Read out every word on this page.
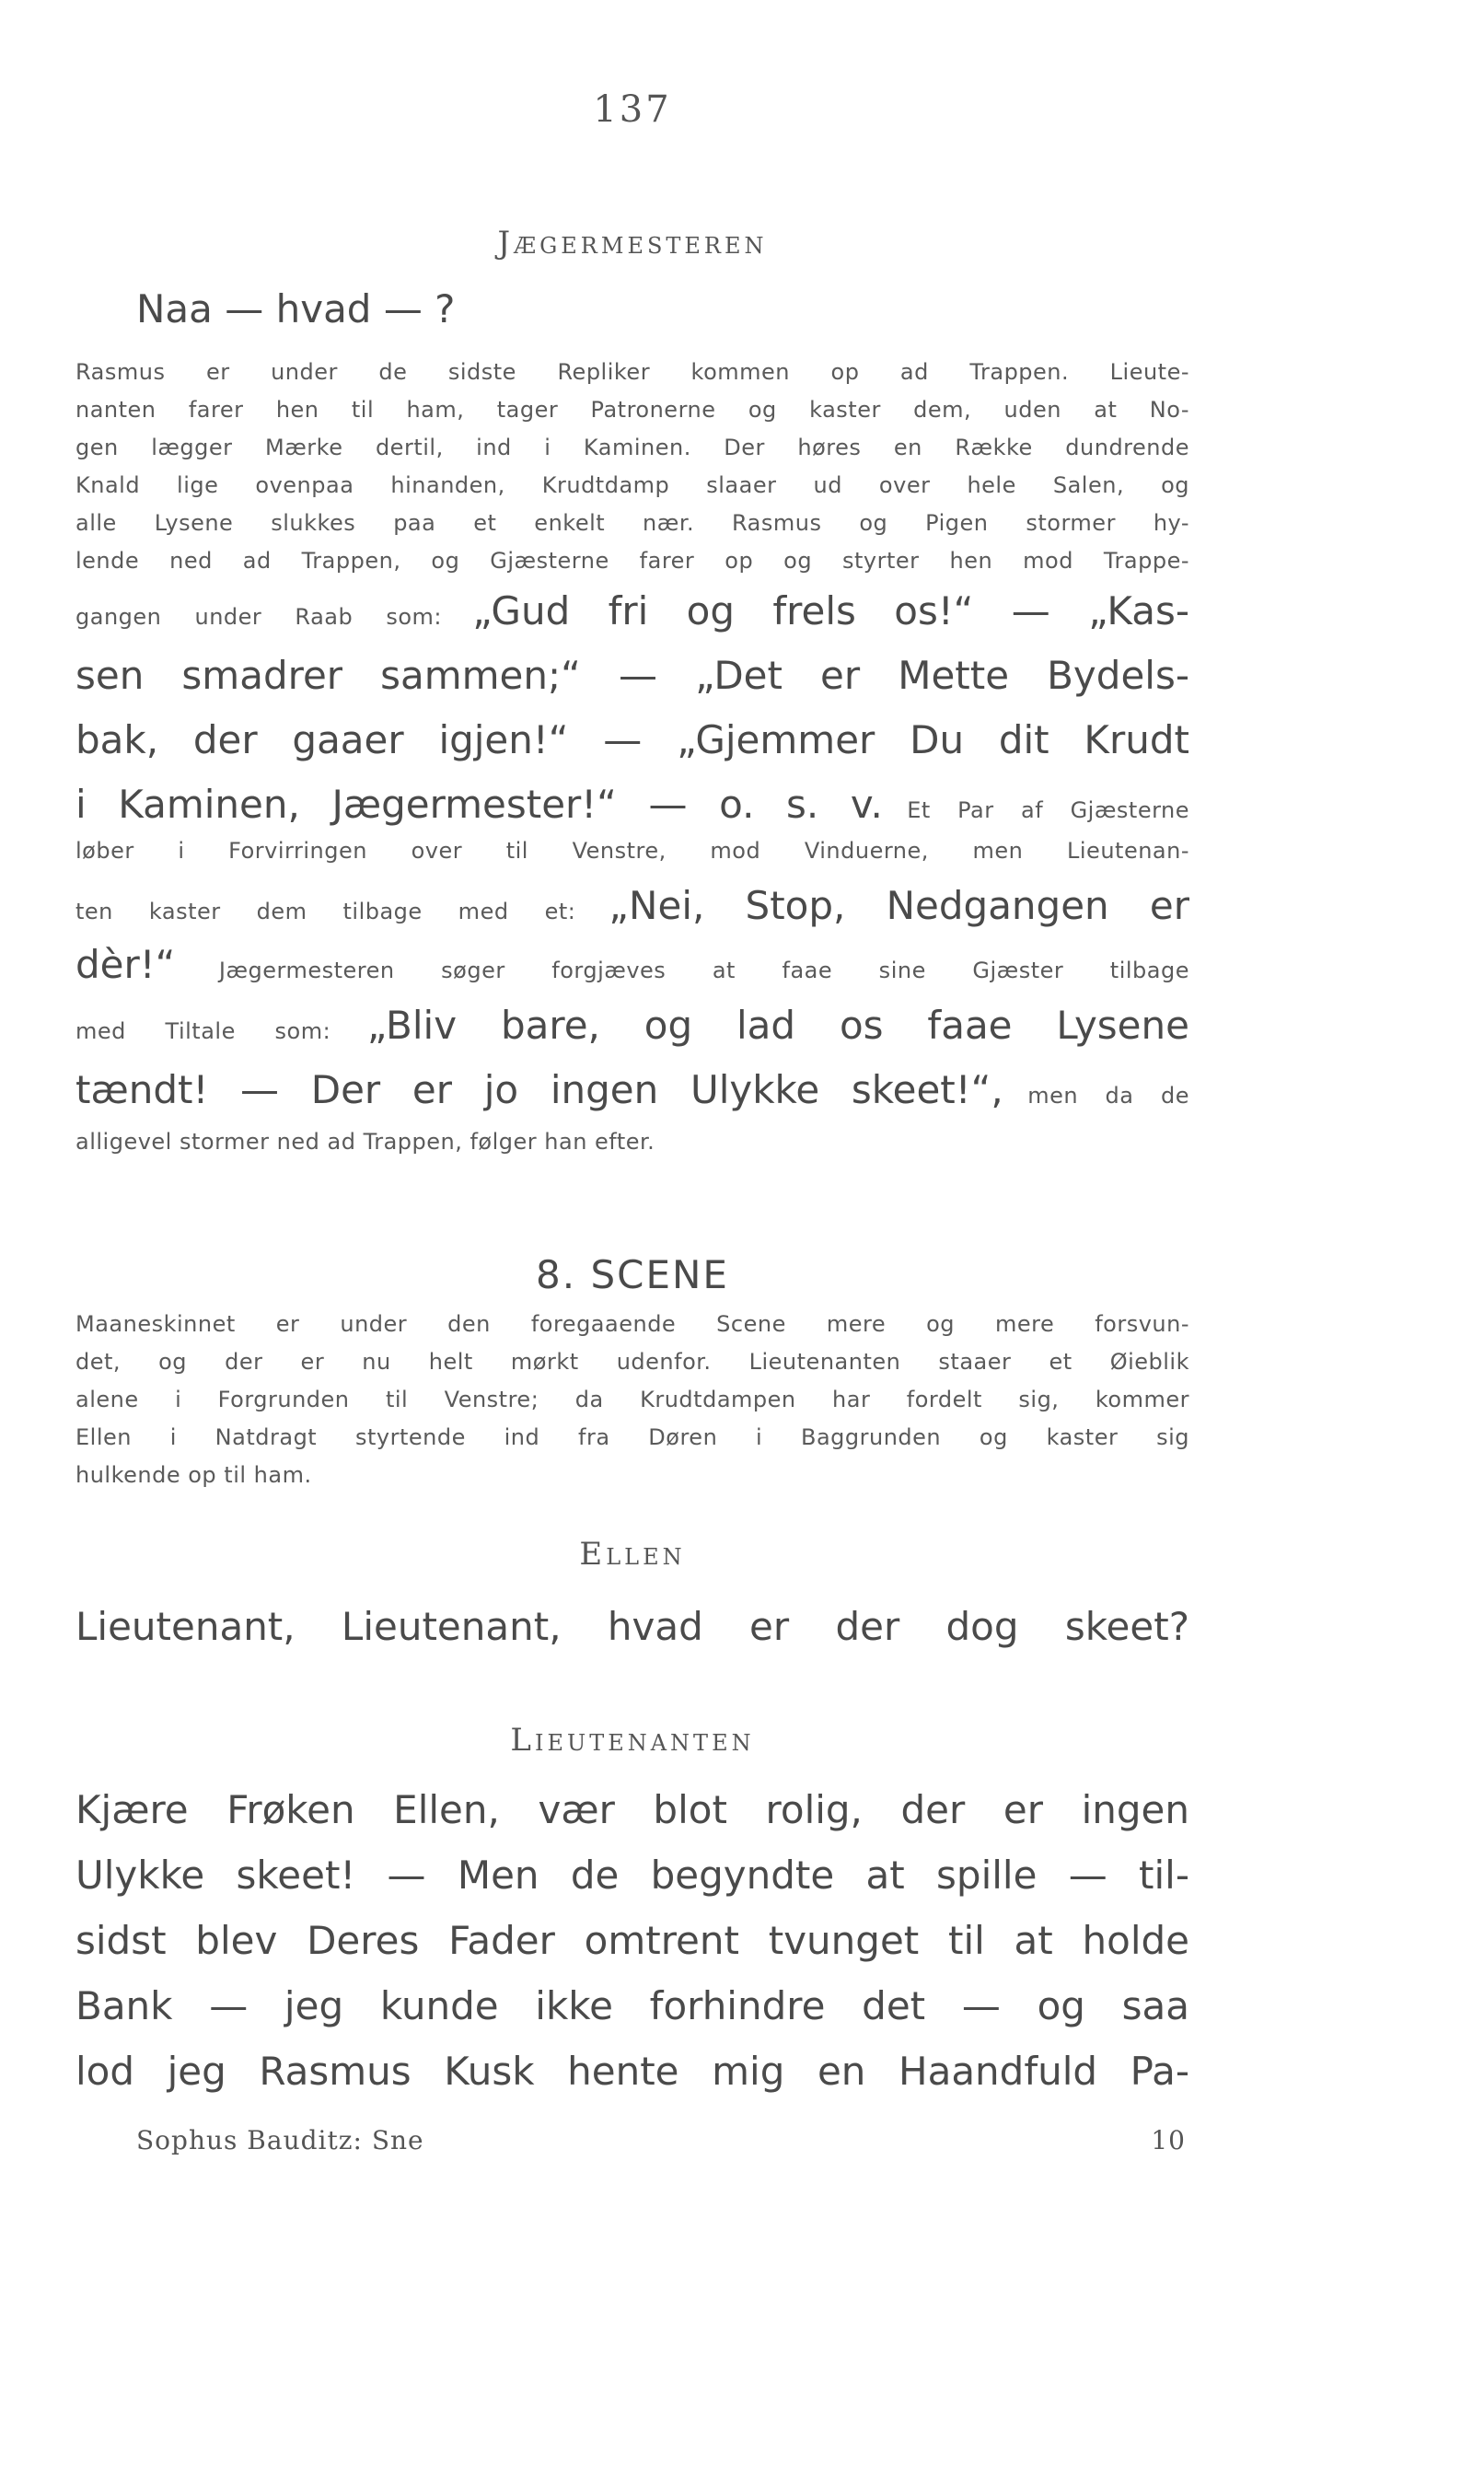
137
Jægermesteren
Naa — hvad — ?
Rasmus er under de sidste Repliker kommen op ad Trappen. Lieute-
nanten farer hen til ham, tager Patronerne og kaster dem, uden at No-
gen lægger Mærke dertil, ind i Kaminen. Der høres en Række dundrende
Knald lige ovenpaa hinanden, Krudtdamp slaaer ud over hele Salen, og
alle Lysene slukkes paa et enkelt nær. Rasmus og Pigen stormer hy-
lende ned ad Trappen, og Gjæsterne farer op og styrter hen mod Trappe-
gangen under Raab som: „Gud fri og frels os!“ — „Kas-
sen smadrer sammen;“ — „Det er Mette Bydels-
bak, der gaaer igjen!“ — „Gjemmer Du dit Krudt
i Kaminen, Jægermester!“ — o. s. v. Et Par af Gjæsterne
løber i Forvirringen over til Venstre, mod Vinduerne, men Lieutenan-
ten kaster dem tilbage med et: „Nei, Stop, Nedgangen er
dèr!“ Jægermesteren søger forgjæves at faae sine Gjæster tilbage
med Tiltale som: „Bliv bare, og lad os faae Lysene
tændt! — Der er jo ingen Ulykke skeet!“, men da de
alligevel stormer ned ad Trappen, følger han efter.
8. SCENE
Maaneskinnet er under den foregaaende Scene mere og mere forsvun-
det, og der er nu helt mørkt udenfor. Lieutenanten staaer et Øieblik
alene i Forgrunden til Venstre; da Krudtdampen har fordelt sig, kommer
Ellen i Natdragt styrtende ind fra Døren i Baggrunden og kaster sig
hulkende op til ham.
Ellen
Lieutenant, Lieutenant, hvad er der dog skeet?
Lieutenanten
Kjære Frøken Ellen, vær blot rolig, der er ingen
Ulykke skeet! — Men de begyndte at spille — til-
sidst blev Deres Fader omtrent tvunget til at holde
Bank — jeg kunde ikke forhindre det — og saa
lod jeg Rasmus Kusk hente mig en Haandfuld Pa-
Sophus Bauditz: Sne	10
